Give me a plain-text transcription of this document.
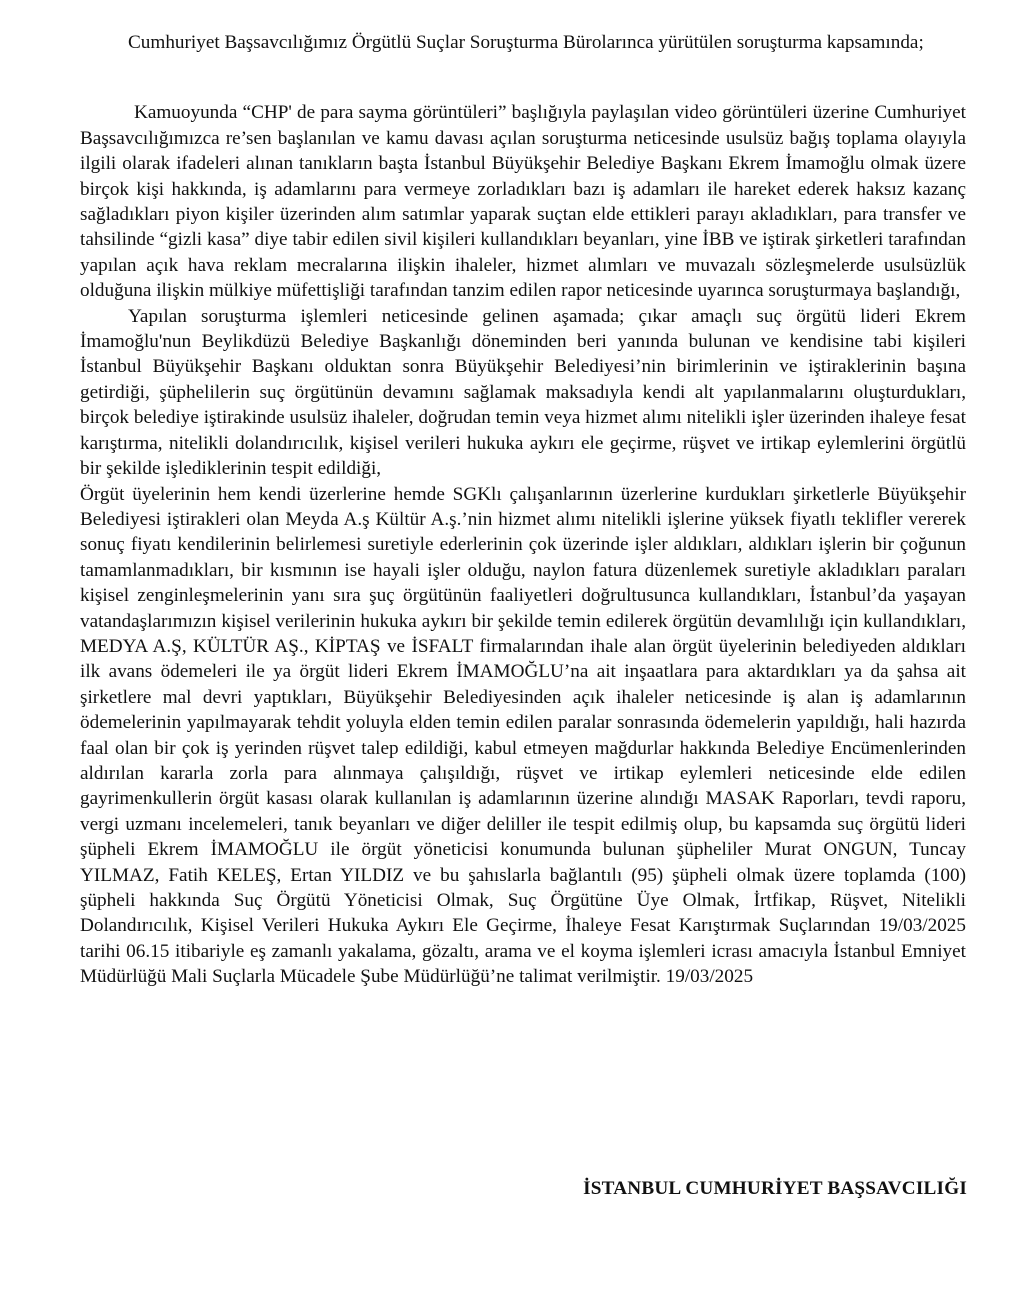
Cumhuriyet Başsavcılığımız Örgütlü Suçlar Soruşturma Bürolarınca yürütülen soruşturma kapsamında;

Kamuoyunda “CHP' de para sayma görüntüleri” başlığıyla paylaşılan video görüntüleri üzerine Cumhuriyet Başsavcılığımızca re’sen başlanılan ve kamu davası açılan soruşturma neticesinde usulsüz bağış toplama olayıyla ilgili olarak ifadeleri alınan tanıkların başta İstanbul Büyükşehir Belediye Başkanı Ekrem İmamoğlu olmak üzere birçok kişi hakkında, iş adamlarını para vermeye zorladıkları bazı iş adamları ile hareket ederek haksız kazanç sağladıkları piyon kişiler üzerinden alım satımlar yaparak suçtan elde ettikleri parayı akladıkları, para transfer ve tahsilinde “gizli kasa” diye tabir edilen sivil kişileri kullandıkları beyanları, yine İBB ve iştirak şirketleri tarafından yapılan açık hava reklam mecralarına ilişkin ihaleler, hizmet alımları ve muvazalı sözleşmelerde usulsüzlük olduğuna ilişkin mülkiye müfettişliği tarafından tanzim edilen rapor neticesinde uyarınca soruşturmaya başlandığı,

Yapılan soruşturma işlemleri neticesinde gelinen aşamada; çıkar amaçlı suç örgütü lideri Ekrem İmamoğlu'nun Beylikdüzü Belediye Başkanlığı döneminden beri yanında bulunan ve kendisine tabi kişileri İstanbul Büyükşehir Başkanı olduktan sonra Büyükşehir Belediyesi’nin birimlerinin ve iştiraklerinin başına getirdiği, şüphelilerin suç örgütünün devamını sağlamak maksadıyla kendi alt yapılanmalarını oluşturdukları, birçok belediye iştirakinde usulsüz ihaleler, doğrudan temin veya hizmet alımı nitelikli işler üzerinden ihaleye fesat karıştırma, nitelikli dolandırıcılık, kişisel verileri hukuka aykırı ele geçirme, rüşvet ve irtikap eylemlerini örgütlü bir şekilde işlediklerinin tespit edildiği,

Örgüt üyelerinin hem kendi üzerlerine hemde SGKlı çalışanlarının üzerlerine kurdukları şirketlerle Büyükşehir Belediyesi iştirakleri olan Meyda A.ş Kültür A.ş.’nin hizmet alımı nitelikli işlerine yüksek fiyatlı teklifler vererek sonuç fiyatı kendilerinin belirlemesi suretiyle ederlerinin çok üzerinde işler aldıkları, aldıkları işlerin bir çoğunun tamamlanmadıkları, bir kısmının ise hayali işler olduğu, naylon fatura düzenlemek suretiyle akladıkları paraları kişisel zenginleşmelerinin yanı sıra şuç örgütünün faaliyetleri doğrultusunca kullandıkları, İstanbul’da yaşayan vatandaşlarımızın kişisel verilerinin hukuka aykırı bir şekilde temin edilerek örgütün devamlılığı için kullandıkları, MEDYA A.Ş, KÜLTÜR AŞ., KİPTAŞ ve İSFALT firmalarından ihale alan örgüt üyelerinin belediyeden aldıkları ilk avans ödemeleri ile ya örgüt lideri Ekrem İMAMOĞLU’na ait inşaatlara para aktardıkları ya da şahsa ait şirketlere mal devri yaptıkları, Büyükşehir Belediyesinden açık ihaleler neticesinde iş alan iş adamlarının ödemelerinin yapılmayarak tehdit yoluyla elden temin edilen paralar sonrasında ödemelerin yapıldığı, hali hazırda faal olan bir çok iş yerinden rüşvet talep edildiği, kabul etmeyen mağdurlar hakkında Belediye Encümenlerinden aldırılan kararla zorla para alınmaya çalışıldığı, rüşvet ve irtikap eylemleri neticesinde elde edilen gayrimenkullerin örgüt kasası olarak kullanılan iş adamlarının üzerine alındığı MASAK Raporları, tevdi raporu, vergi uzmanı incelemeleri, tanık beyanları ve diğer deliller ile tespit edilmiş olup, bu kapsamda suç örgütü lideri şüpheli Ekrem İMAMOĞLU ile örgüt yöneticisi konumunda bulunan şüpheliler Murat ONGUN, Tuncay YILMAZ, Fatih KELEŞ, Ertan YILDIZ ve bu şahıslarla bağlantılı (95) şüpheli olmak üzere toplamda (100) şüpheli hakkında Suç Örgütü Yöneticisi Olmak, Suç Örgütüne Üye Olmak, İrtfikap, Rüşvet, Nitelikli Dolandırıcılık, Kişisel Verileri Hukuka Aykırı Ele Geçirme, İhaleye Fesat Karıştırmak Suçlarından 19/03/2025 tarihi 06.15 itibariyle eş zamanlı yakalama, gözaltı, arama ve el koyma işlemleri icrası amacıyla İstanbul Emniyet Müdürlüğü Mali Suçlarla Mücadele Şube Müdürlüğü’ne talimat verilmiştir. 19/03/2025

İSTANBUL CUMHURİYET BAŞSAVCILIĞI
